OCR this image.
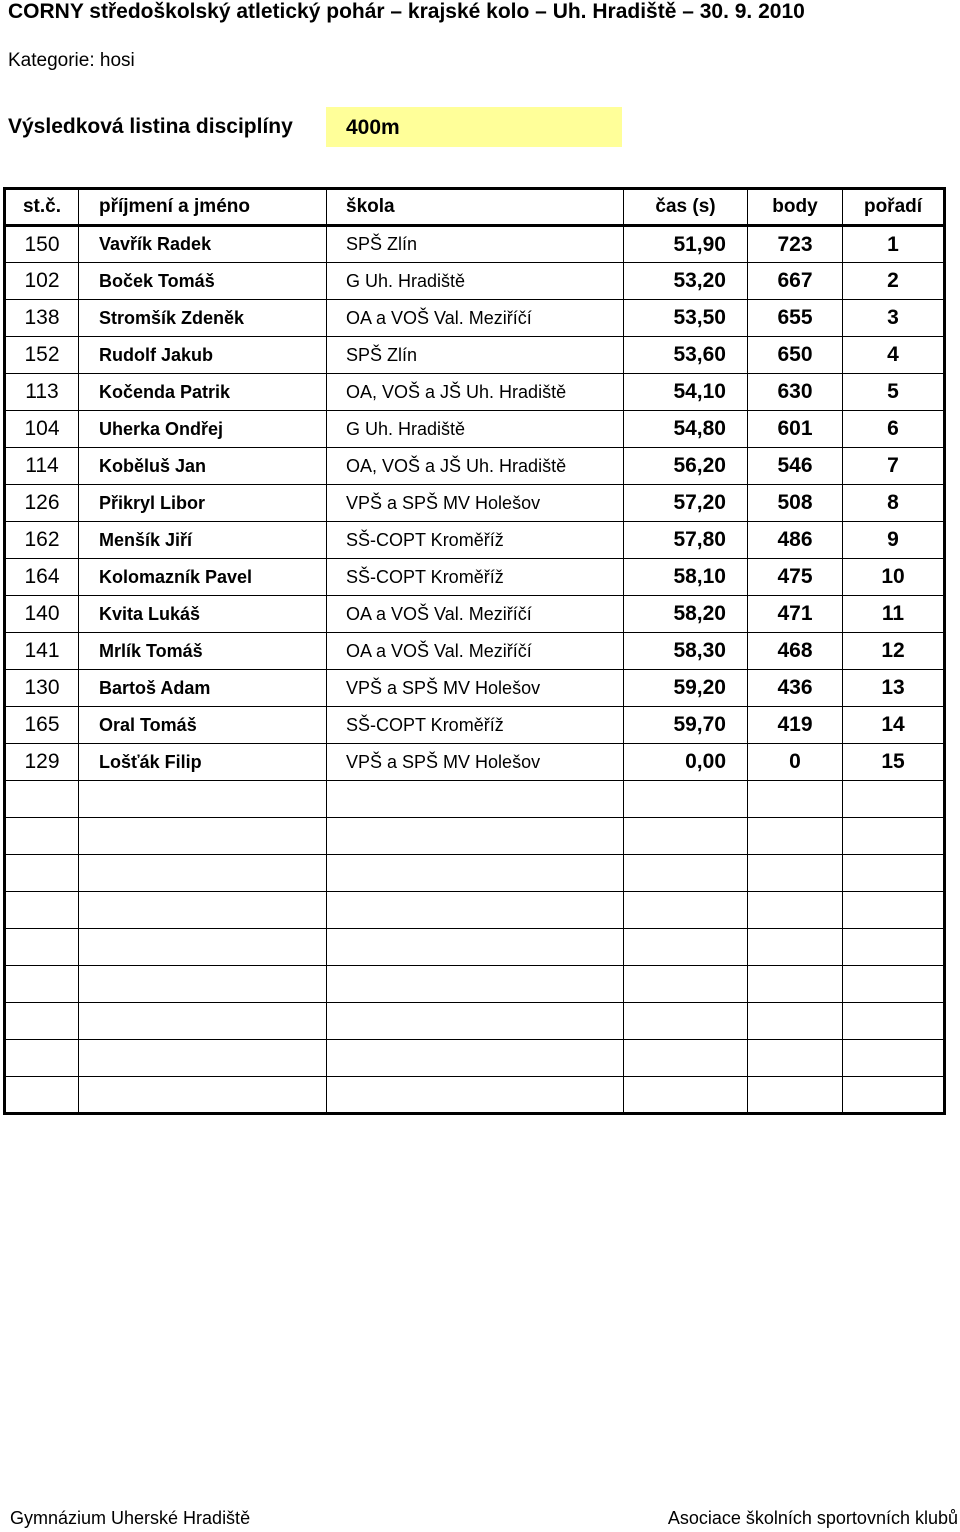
CORNY středoškolský atletický pohár – krajské kolo – Uh. Hradiště – 30. 9. 2010
Kategorie: hosi
Výsledková listina disciplíny	400m
st.č.	příjmení a jméno	škola	čas (s)	body	pořadí
150	Vavřík Radek	SPŠ Zlín	51,90	723	1
102	Boček Tomáš	G Uh. Hradiště	53,20	667	2
138	Stromšík Zdeněk	OA a VOŠ Val. Meziříčí	53,50	655	3
152	Rudolf Jakub	SPŠ Zlín	53,60	650	4
113	Kočenda Patrik	OA, VOŠ a JŠ Uh. Hradiště	54,10	630	5
104	Uherka Ondřej	G Uh. Hradiště	54,80	601	6
114	Koběluš Jan	OA, VOŠ a JŠ Uh. Hradiště	56,20	546	7
126	Přikryl Libor	VPŠ a SPŠ MV Holešov	57,20	508	8
162	Menšík Jiří	SŠ-COPT Kroměříž	57,80	486	9
164	Kolomazník Pavel	SŠ-COPT Kroměříž	58,10	475	10
140	Kvita Lukáš	OA a VOŠ Val. Meziříčí	58,20	471	11
141	Mrlík Tomáš	OA a VOŠ Val. Meziříčí	58,30	468	12
130	Bartoš Adam	VPŠ a SPŠ MV Holešov	59,20	436	13
165	Oral Tomáš	SŠ-COPT Kroměříž	59,70	419	14
129	Lošťák Filip	VPŠ a SPŠ MV Holešov	0,00	0	15

Gymnázium Uherské Hradiště	Asociace školních sportovních klubů
